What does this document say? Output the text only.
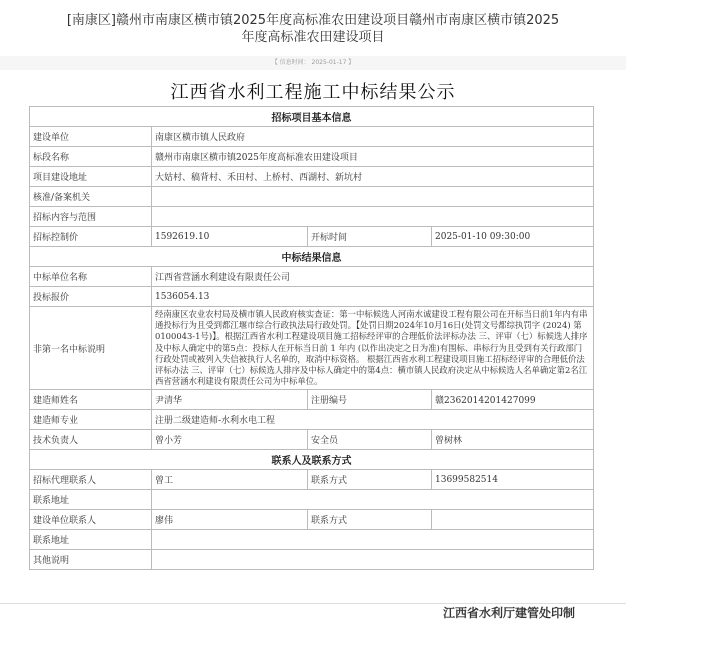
[南康区]赣州市南康区横市镇2025年度高标准农田建设项目赣州市南康区横市镇2025
年度高标准农田建设项目
【 信息时间： 2025-01-17 】
江西省水利工程施工中标结果公示
招标项目基本信息			
建设单位	南康区横市镇人民政府		
标段名称	赣州市南康区横市镇2025年度高标准农田建设项目		
项目建设地址	大姑村、稿背村、禾田村、上桥村、西湖村、新坑村		
核准/备案机关			
招标内容与范围			
招标控制价	1592619.10	开标时间	2025-01-10 09:30:00
中标结果信息			
中标单位名称	江西省营涵水利建设有限责任公司		
投标报价	1536054.13		
非第一名中标说明	经南康区农业农村局及横市镇人民政府核实查证：第一中标候选人河南水诚建设工程有限公司在开标当日前1年内有串通投标行为且受到都江堰市综合行政执法局行政处罚。【处罚日期2024年10月16日(处罚文号都综执罚字 (2024) 第 0100043-1号)】。根据江西省水利工程建设项目施工招标经评审的合理低价法评标办法 三、评审（七）标候选人排序及中标人确定中的第5点：投标人在开标当日前 1 年内 (以作出决定之日为准)有围标、串标行为且受到有关行政部门行政处罚或被列入失信被执行人名单的，取消中标资格。 根据江西省水利工程建设项目施工招标经评审的合理低价法评标办法 三、评审（七）标候选人排序及中标人确定中的第4点：横市镇人民政府决定从中标候选人名单确定第2名江西省营涵水利建设有限责任公司为中标单位。		
建造师姓名	尹清华	注册编号	赣2362014201427099
建造师专业	注册二级建造师-水利水电工程		
技术负责人	曾小芳	安全员	曾树林
联系人及联系方式			
招标代理联系人	曾工	联系方式	13699582514
联系地址			
建设单位联系人	廖伟	联系方式	
联系地址			
其他说明			
江西省水利厅建管处印制
